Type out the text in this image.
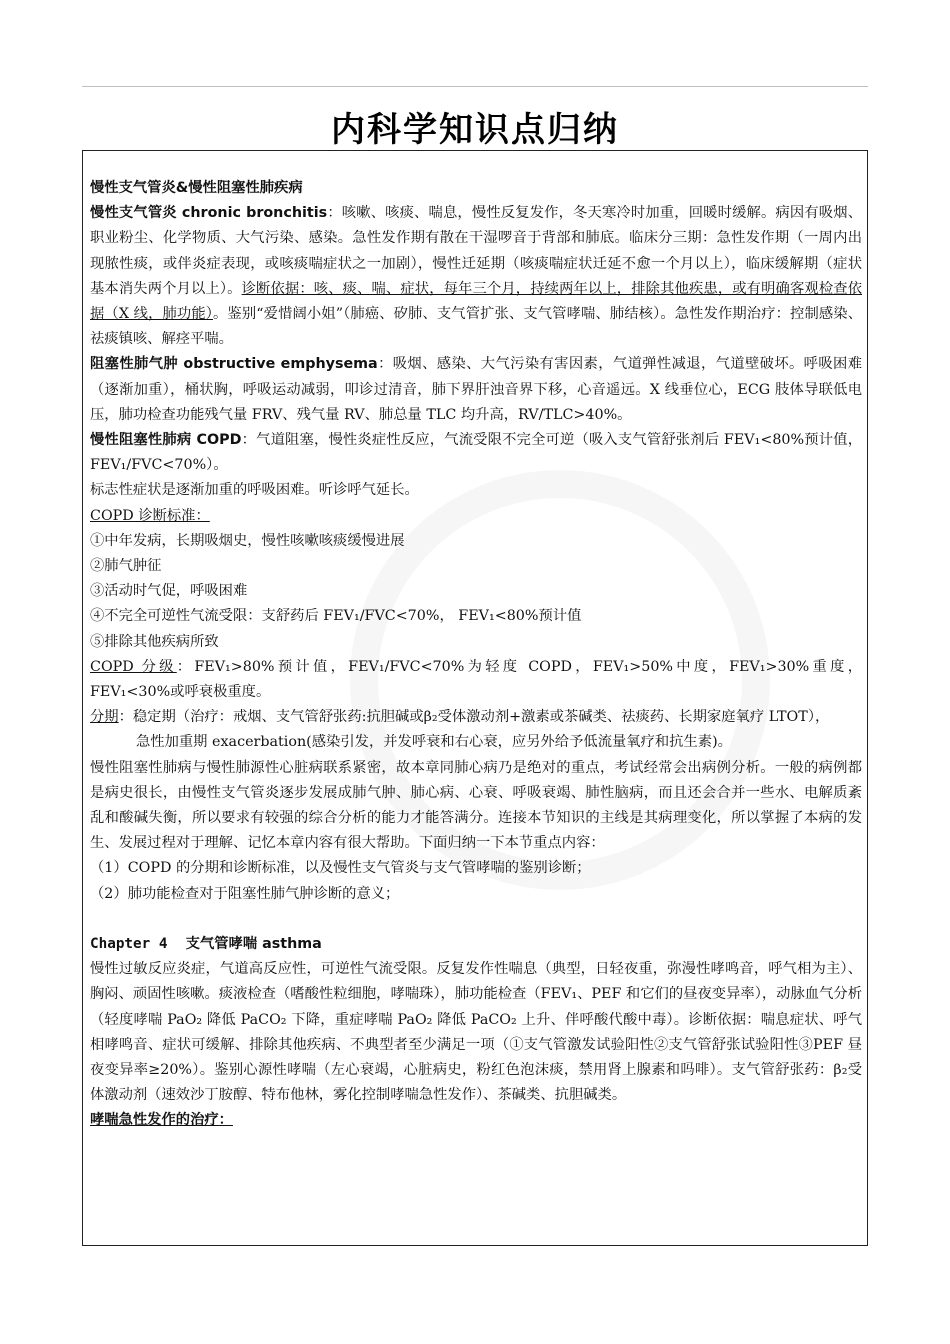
内科学知识点归纳

慢性支气管炎&慢性阻塞性肺疾病

慢性支气管炎 chronic bronchitis：咳嗽、咳痰、喘息，慢性反复发作，冬天寒冷时加重，回暖时缓解。病因有吸烟、职业粉尘、化学物质、大气污染、感染。急性发作期有散在干湿啰音于背部和肺底。临床分三期：急性发作期（一周内出现脓性痰，或伴炎症表现，或咳痰喘症状之一加剧），慢性迁延期（咳痰喘症状迁延不愈一个月以上），临床缓解期（症状基本消失两个月以上）。诊断依据：咳、痰、喘、症状，每年三个月，持续两年以上，排除其他疾患，或有明确客观检查依据（X 线，肺功能）。鉴别“爱惜阔小姐”（肺癌、矽肺、支气管扩张、支气管哮喘、肺结核）。急性发作期治疗：控制感染、祛痰镇咳、解痉平喘。

阻塞性肺气肿 obstructive emphysema：吸烟、感染、大气污染有害因素，气道弹性减退，气道壁破坏。呼吸困难（逐渐加重），桶状胸，呼吸运动减弱，叩诊过清音，肺下界肝浊音界下移，心音遥远。X 线垂位心，ECG 肢体导联低电压，肺功检查功能残气量 FRV、残气量 RV、肺总量 TLC 均升高，RV/TLC>40%。

慢性阻塞性肺病 COPD：气道阻塞，慢性炎症性反应，气流受限不完全可逆（吸入支气管舒张剂后 FEV₁<80%预计值，FEV₁/FVC<70%）。

标志性症状是逐渐加重的呼吸困难。听诊呼气延长。

COPD 诊断标准：

①中年发病，长期吸烟史，慢性咳嗽咳痰缓慢进展

②肺气肿征

③活动时气促，呼吸困难

④不完全可逆性气流受限：支舒药后 FEV₁/FVC<70%， FEV₁<80%预计值

⑤排除其他疾病所致

COPD 分级：FEV₁>80%预计值，FEV₁/FVC<70%为轻度 COPD，FEV₁>50%中度，FEV₁>30%重度，FEV₁<30%或呼衰极重度。

分期：稳定期（治疗：戒烟、支气管舒张药:抗胆碱或β₂受体激动剂+激素或茶碱类、祛痰药、长期家庭氧疗 LTOT），

急性加重期 exacerbation(感染引发，并发呼衰和右心衰，应另外给予低流量氧疗和抗生素)。

慢性阻塞性肺病与慢性肺源性心脏病联系紧密，故本章同肺心病乃是绝对的重点，考试经常会出病例分析。一般的病例都是病史很长，由慢性支气管炎逐步发展成肺气肿、肺心病、心衰、呼吸衰竭、肺性脑病，而且还会合并一些水、电解质紊乱和酸碱失衡，所以要求有较强的综合分析的能力才能答满分。连接本节知识的主线是其病理变化，所以掌握了本病的发生、发展过程对于理解、记忆本章内容有很大帮助。下面归纳一下本节重点内容：

（1）COPD 的分期和诊断标准，以及慢性支气管炎与支气管哮喘的鉴别诊断；

（2）肺功能检查对于阻塞性肺气肿诊断的意义；

Chapter 4 支气管哮喘 asthma

慢性过敏反应炎症，气道高反应性，可逆性气流受限。反复发作性喘息（典型，日轻夜重，弥漫性哮鸣音，呼气相为主）、胸闷、顽固性咳嗽。痰液检查（嗜酸性粒细胞，哮喘珠），肺功能检查（FEV₁、PEF 和它们的昼夜变异率），动脉血气分析（轻度哮喘 PaO₂ 降低 PaCO₂ 下降，重症哮喘 PaO₂ 降低 PaCO₂ 上升、伴呼酸代酸中毒）。诊断依据：喘息症状、呼气相哮鸣音、症状可缓解、排除其他疾病、不典型者至少满足一项（①支气管激发试验阳性②支气管舒张试验阳性③PEF 昼夜变异率≥20%）。鉴别心源性哮喘（左心衰竭，心脏病史，粉红色泡沫痰，禁用肾上腺素和吗啡）。支气管舒张药：β₂受体激动剂（速效沙丁胺醇、特布他林，雾化控制哮喘急性发作）、茶碱类、抗胆碱类。

哮喘急性发作的治疗：
